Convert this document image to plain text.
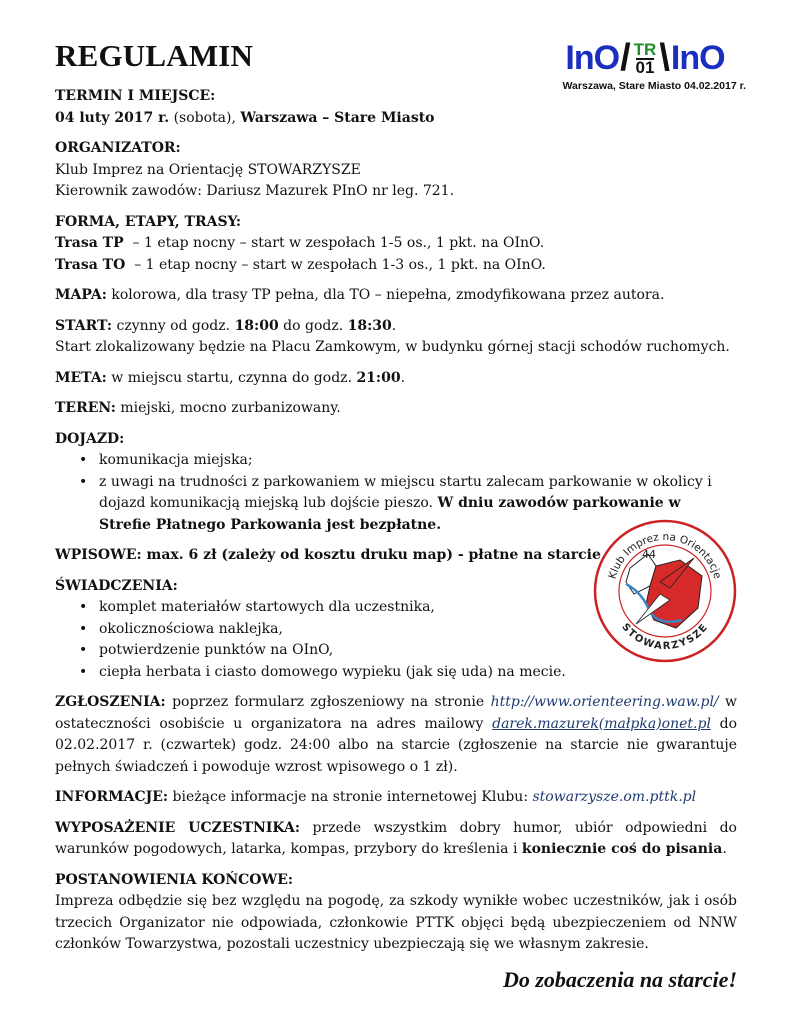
InO / TR
01 \ InO
Warszawa, Stare Miasto 04.02.2017 r.
44
Klub Imprez na Orientacje
STOWARZYSZE
REGULAMIN
TERMIN I MIEJSCE:
04 luty 2017 r. (sobota), Warszawa – Stare Miasto
ORGANIZATOR:
Klub Imprez na Orientację STOWARZYSZE
Kierownik zawodów: Dariusz Mazurek PInO nr leg. 721.
FORMA, ETAPY, TRASY:
Trasa TP  – 1 etap nocny – start w zespołach 1-5 os., 1 pkt. na OInO.
Trasa TO  – 1 etap nocny – start w zespołach 1-3 os., 1 pkt. na OInO.
MAPA: kolorowa, dla trasy TP pełna, dla TO – niepełna, zmodyfikowana przez autora.
START: czynny od godz. 18:00 do godz. 18:30.
Start zlokalizowany będzie na Placu Zamkowym, w budynku górnej stacji schodów ruchomych.
META: w miejscu startu, czynna do godz. 21:00.
TEREN: miejski, mocno zurbanizowany.
DOJAZD:
• komunikacja miejska;
• z uwagi na trudności z parkowaniem w miejscu startu zalecam parkowanie w okolicy i dojazd komunikacją miejską lub dojście pieszo. W dniu zawodów parkowanie w Strefie Płatnego Parkowania jest bezpłatne.
WPISOWE: max. 6 zł (zależy od kosztu druku map) - płatne na starcie
ŚWIADCZENIA:
• komplet materiałów startowych dla uczestnika,
• okolicznościowa naklejka,
• potwierdzenie punktów na OInO,
• ciepła herbata i ciasto domowego wypieku (jak się uda) na mecie.
ZGŁOSZENIA: poprzez formularz zgłoszeniowy na stronie http://www.orienteering.waw.pl/ w ostateczności osobiście u organizatora na adres mailowy darek.mazurek(małpka)onet.pl do 02.02.2017 r. (czwartek) godz. 24:00 albo na starcie (zgłoszenie na starcie nie gwarantuje pełnych świadczeń i powoduje wzrost wpisowego o 1 zł).
INFORMACJE: bieżące informacje na stronie internetowej Klubu: stowarzysze.om.pttk.pl
WYPOSAŻENIE UCZESTNIKA: przede wszystkim dobry humor, ubiór odpowiedni do warunków pogodowych, latarka, kompas, przybory do kreślenia i koniecznie coś do pisania.
POSTANOWIENIA KOŃCOWE:
Impreza odbędzie się bez względu na pogodę, za szkody wynikłe wobec uczestników, jak i osób trzecich Organizator nie odpowiada, członkowie PTTK objęci będą ubezpieczeniem od NNW członków Towarzystwa, pozostali uczestnicy ubezpieczają się we własnym zakresie.
Do zobaczenia na starcie!
